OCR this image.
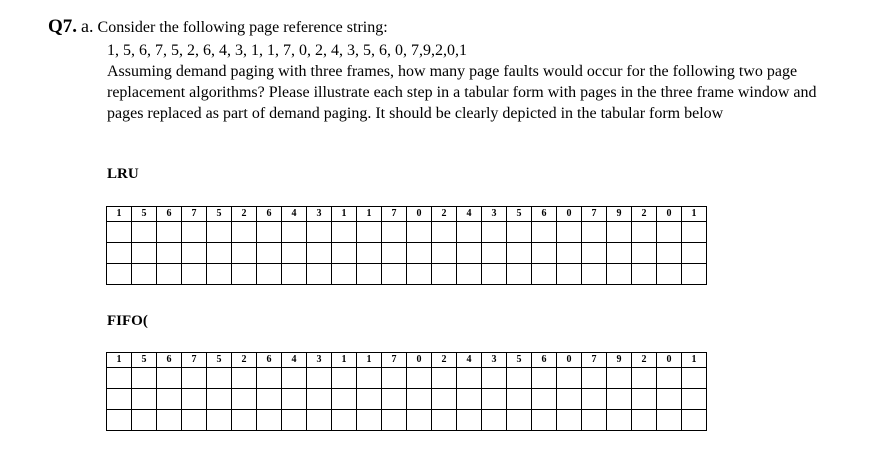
Q7. a. Consider the following page reference string:

1, 5, 6, 7, 5, 2, 6, 4, 3, 1, 1, 7, 0, 2, 4, 3, 5, 6, 0, 7,9,2,0,1

Assuming demand paging with three frames, how many page faults would occur for the following two page replacement algorithms? Please illustrate each step in a tabular form with pages in the three frame window and pages replaced as part of demand paging. It should be clearly depicted in the tabular form below

LRU
1	5	6	7	5	2	6	4	3	1	1	7	0	2	4	3	5	6	0	7	9	2	0	1

FIFO(
1	5	6	7	5	2	6	4	3	1	1	7	0	2	4	3	5	6	0	7	9	2	0	1
